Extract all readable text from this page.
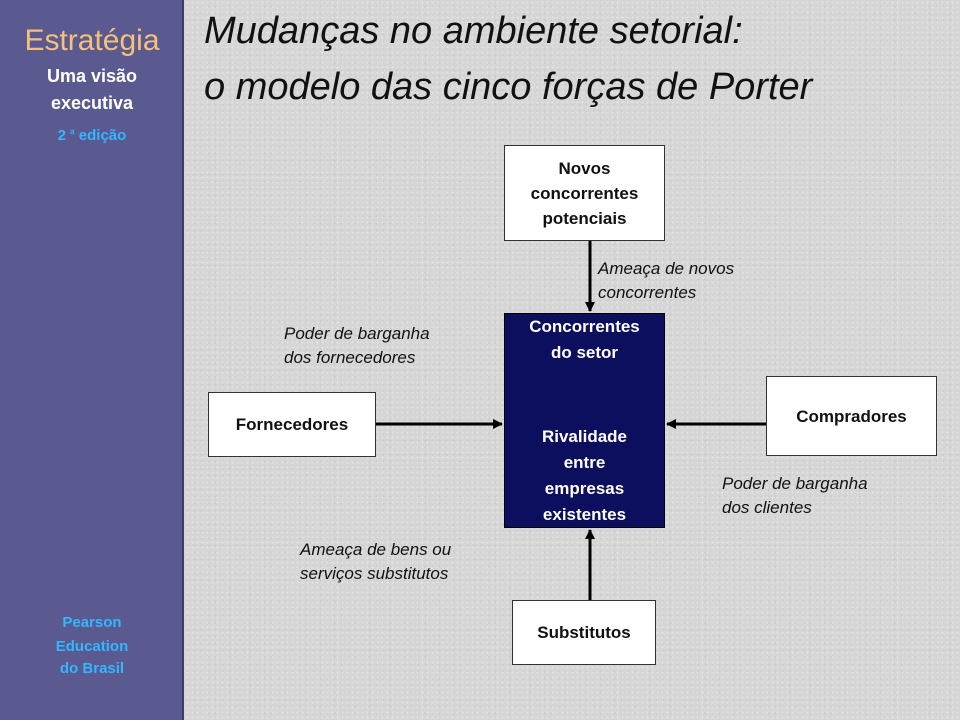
Estratégia
Uma visão
executiva
2 $^a$ edição
Pearson
Education
do Brasil
Mudanças no ambiente setorial:
o modelo das cinco forças de Porter
Novos
concorrentes
potenciais
Fornecedores	Compradores
Substitutos
Concorrentes
do setor
Rivalidade
entre
empresas
existentes
Ameaça de novos
concorrentes
Poder de barganha
dos fornecedores
Poder de barganha
dos clientes
Ameaça de bens ou
serviços substitutos
